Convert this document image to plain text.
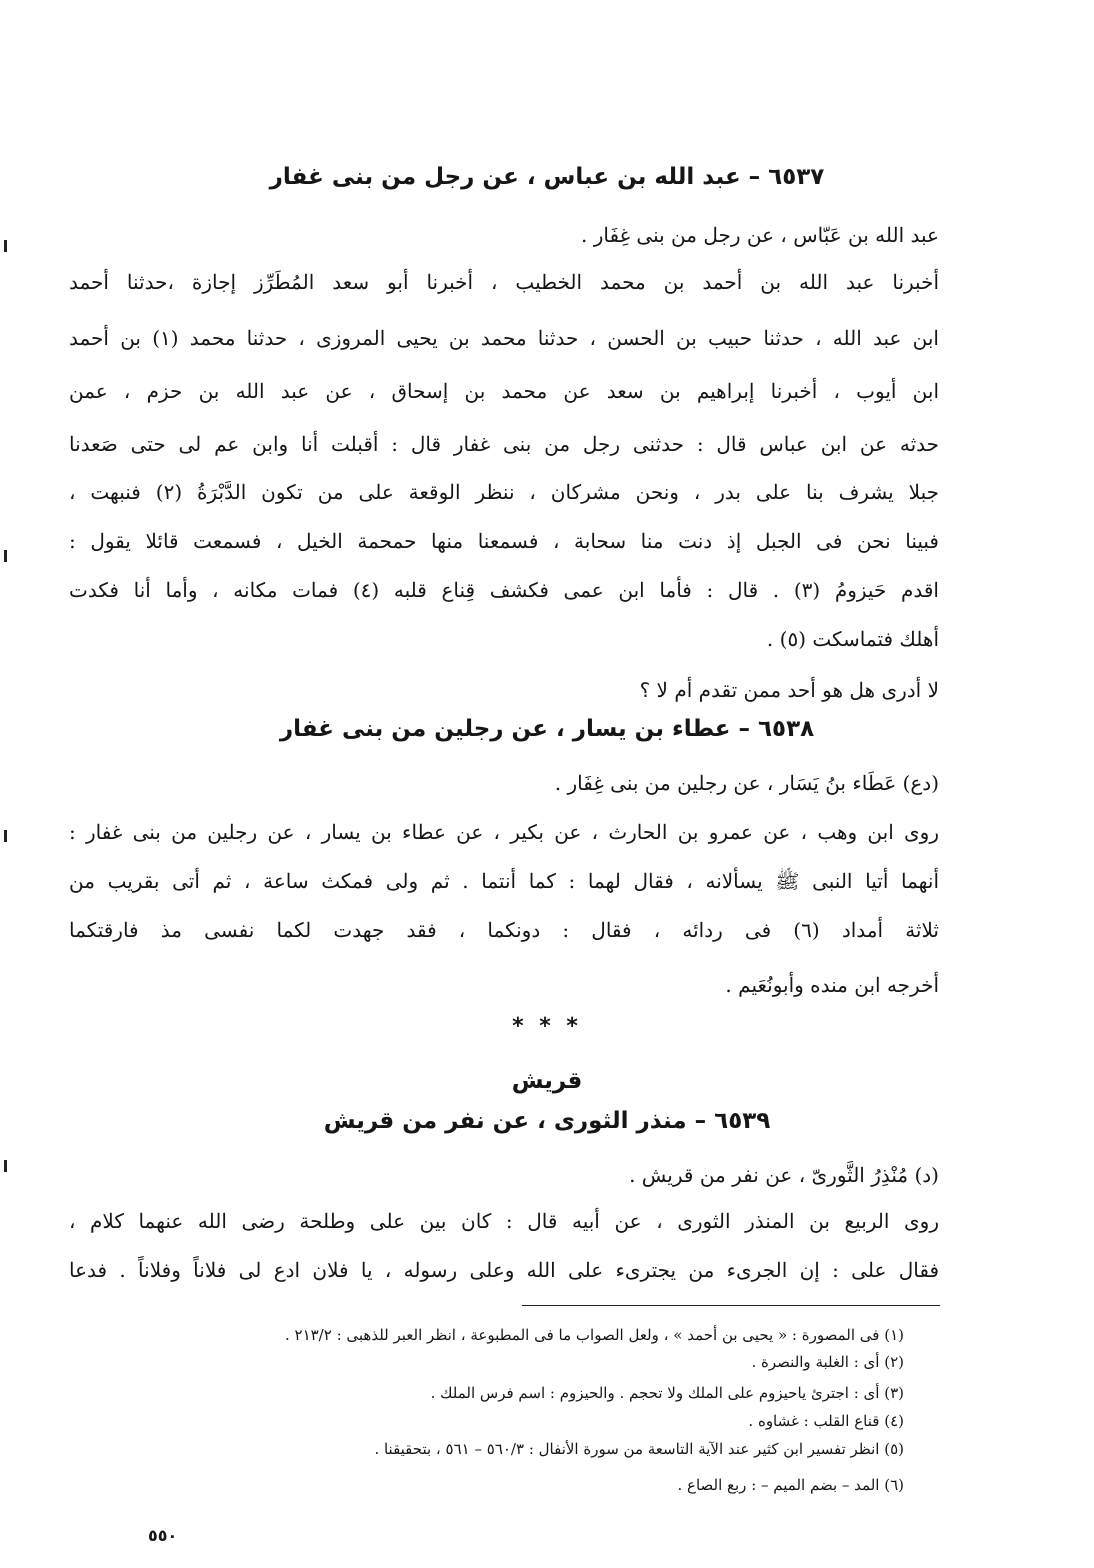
٦٥٣٧ – عبد الله بن عباس ، عن رجل من بنى غفار
عبد الله بن عَبّاس ، عن رجل من بنى غِفَار .
أخبرنا عبد الله بن أحمد بن محمد الخطيب ، أخبرنا أبو سعد المُطَرِّز إجازة ،حدثنا أحمد
ابن عبد الله ، حدثنا حبيب بن الحسن ، حدثنا محمد بن يحيى المروزى ، حدثنا محمد (١) بن أحمد
ابن أيوب ، أخبرنا إبراهيم بن سعد عن محمد بن إسحاق ، عن عبد الله بن حزم ، عمن
حدثه عن ابن عباس قال : حدثنى رجل من بنى غفار قال : أقبلت أنا وابن عم لى حتى صَعدنا
جبلا يشرف بنا على بدر ، ونحن مشركان ، ننظر الوقعة على من تكون الدَّبْرَةُ (٢) فنبهت ،
فبينا نحن فى الجبل إذ دنت منا سحابة ، فسمعنا منها حمحمة الخيل ، فسمعت قائلا يقول :
اقدم حَيزومُ (٣) . قال : فأما ابن عمى فكشف قِناع قلبه (٤) فمات مكانه ، وأما أنا فكدت
أهلك فتماسكت (٥) .
لا أدرى هل هو أحد ممن تقدم أم لا ؟
٦٥٣٨ – عطاء بن يسار ، عن رجلين من بنى غفار
(دع) عَطَاء بنُ يَسَار ، عن رجلين من بنى غِفَار .
روى ابن وهب ، عن عمرو بن الحارث ، عن بكير ، عن عطاء بن يسار ، عن رجلين من بنى غفار :
أنهما أتيا النبى ﷺ يسألانه ، فقال لهما : كما أنتما . ثم ولى فمكث ساعة ، ثم أتى بقريب من
ثلاثة أمداد (٦) فى ردائه ، فقال : دونكما ، فقد جهدت لكما نفسى مذ فارقتكما
أخرجه ابن منده وأبونُعَيم .
* * *
قريش
٦٥٣٩ – منذر الثورى ، عن نفر من قريش
(د) مُنْذِرُ الثَّورىّ ، عن نفر من قريش .
روى الربيع بن المنذر الثورى ، عن أبيه قال : كان بين على وطلحة رضى الله عنهما كلام ،
فقال على : إن الجرىء من يجترىء على الله وعلى رسوله ، يا فلان ادع لى فلاناً وفلاناً . فدعا
(١) فى المصورة : « يحيى بن أحمد » ، ولعل الصواب ما فى المطبوعة ، انظر العبر للذهبى : ٢١٣/٢ .
(٢) أى : الغلبة والنصرة .
(٣) أى : اجترئ ياحيزوم على الملك ولا تحجم . والحيزوم : اسم فرس الملك .
(٤) قناع القلب : غشاوه .
(٥) انظر تفسير ابن كثير عند الآية التاسعة من سورة الأنفال : ٥٦٠/٣ – ٥٦١ ، بتحقيقنا .
(٦) المد – بضم الميم – : ربع الصاع .
٥٥٠
